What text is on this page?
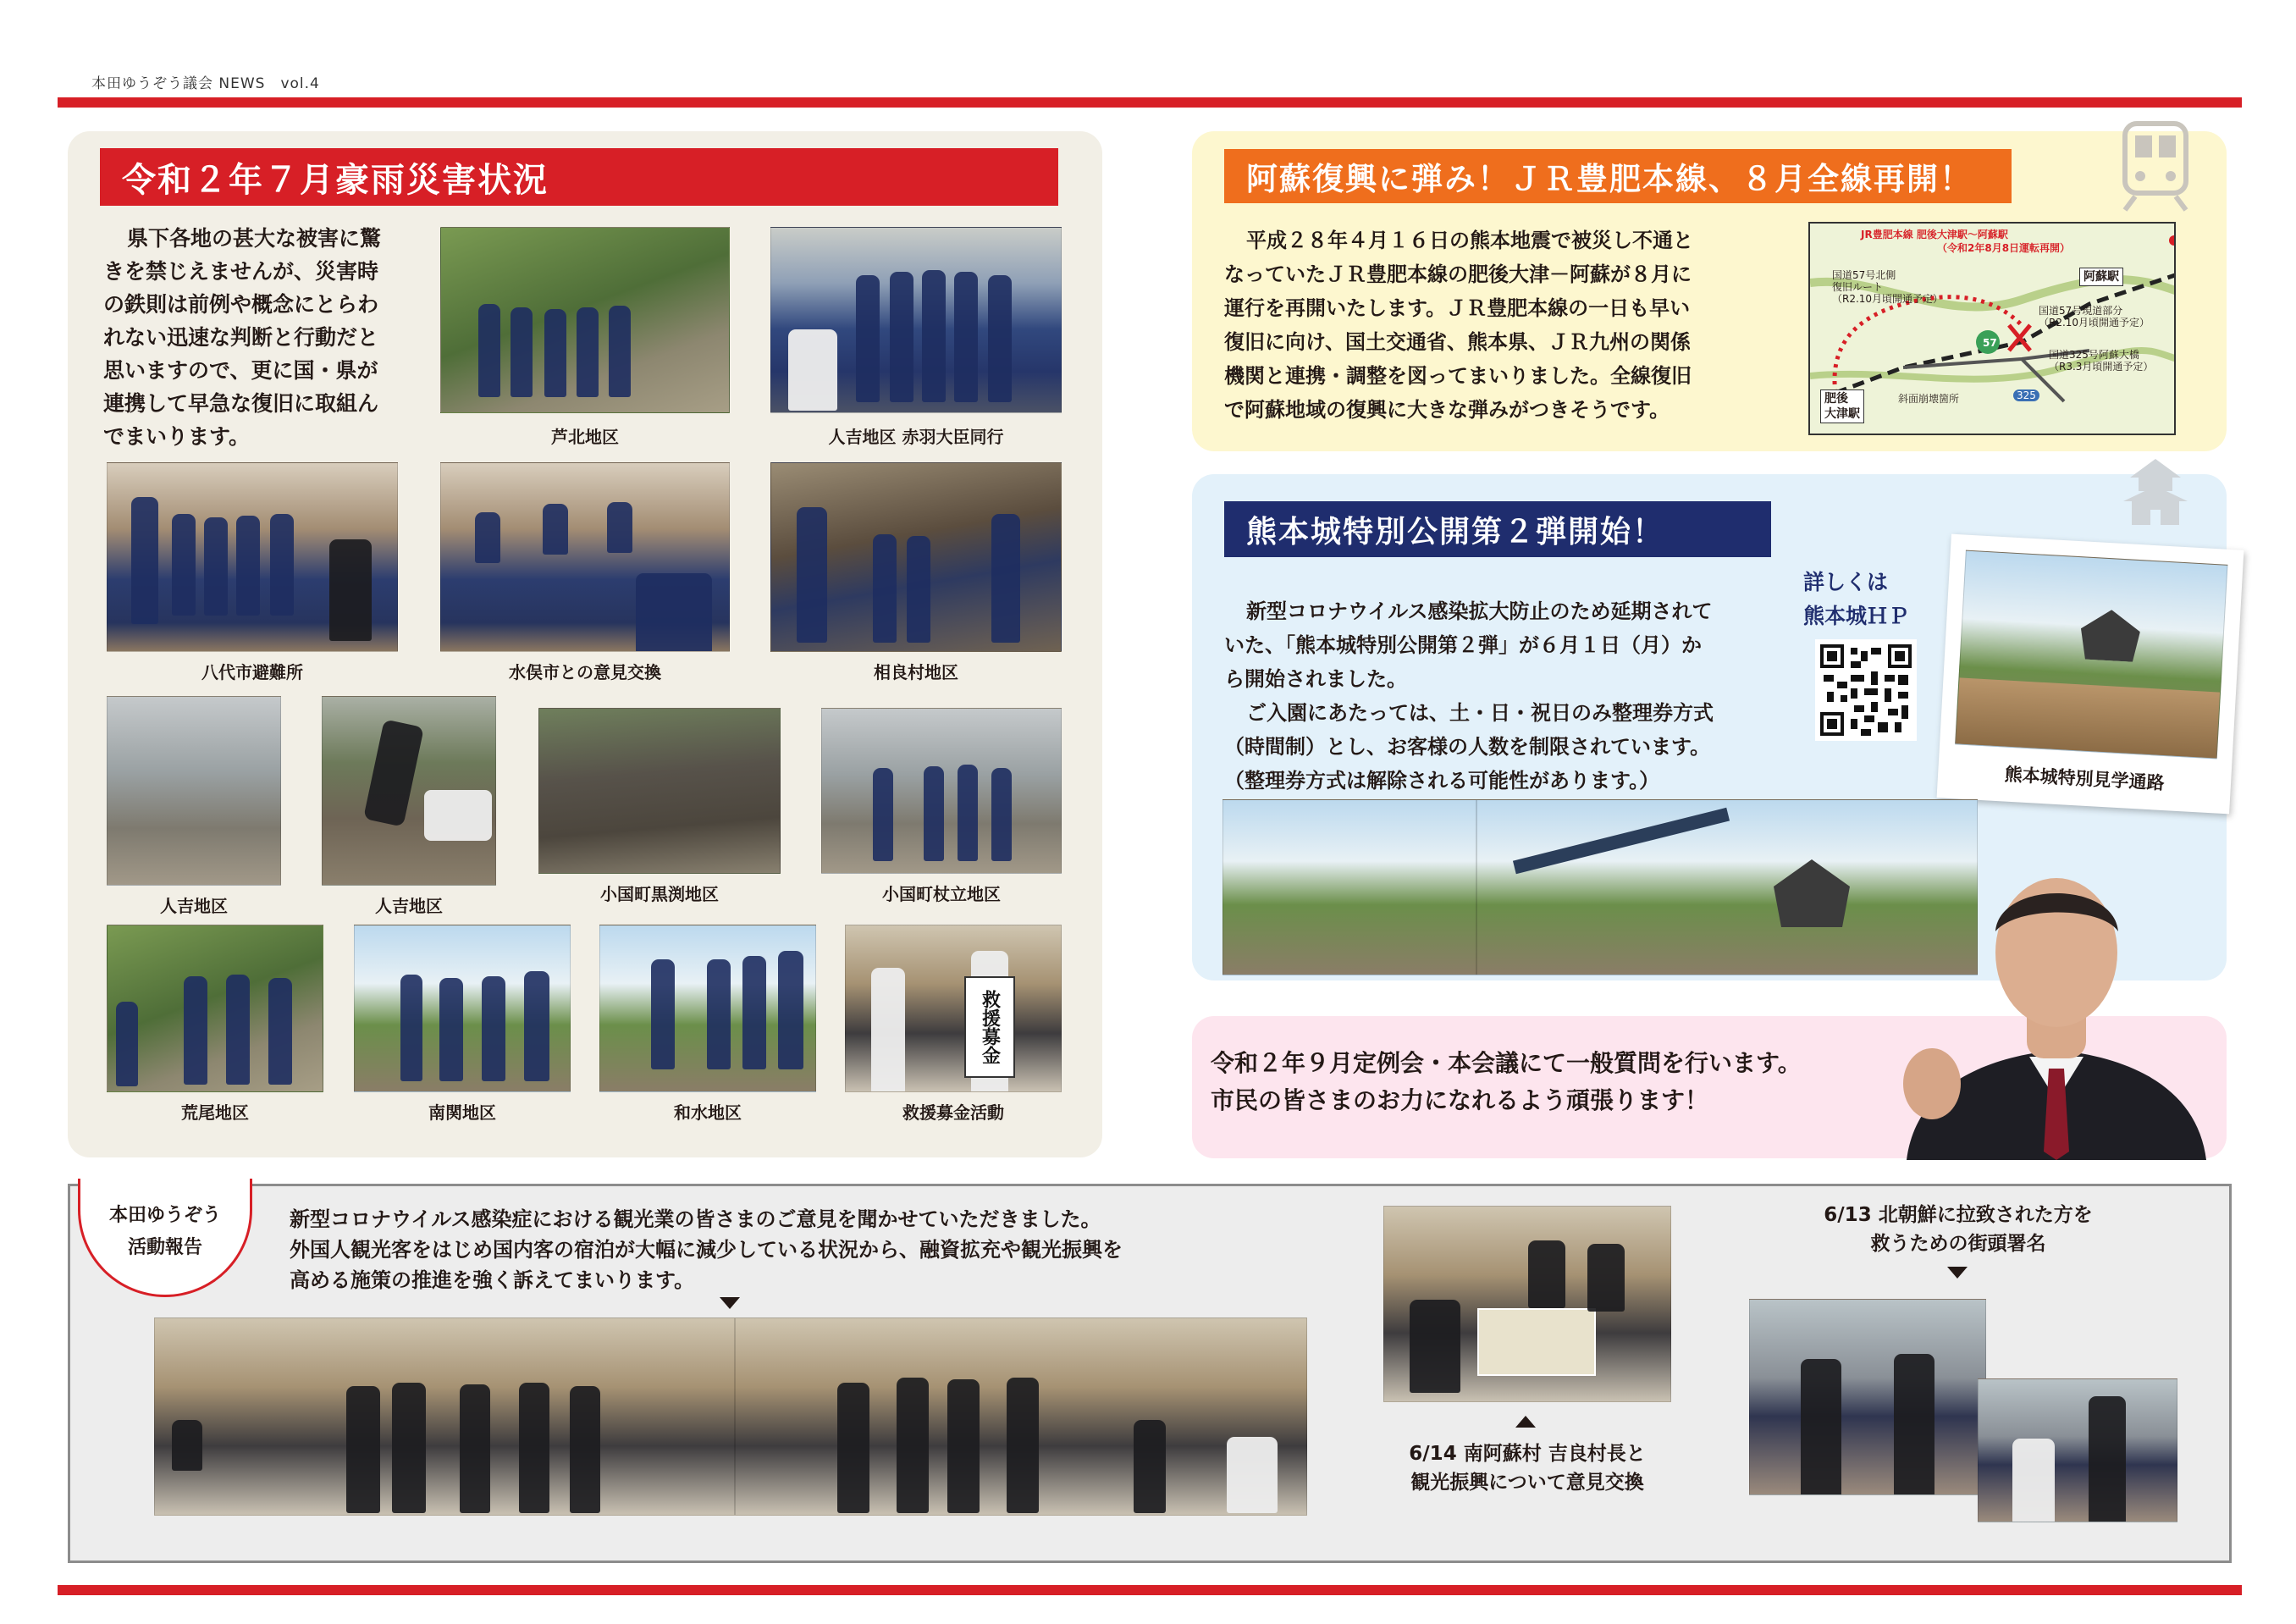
本田ゆうぞう議会 NEWS　vol.4
令和２年７月豪雨災害状況

県下各地の甚大な被害に驚

きを禁じえませんが、災害時

の鉄則は前例や概念にとらわ

れない迅速な判断と行動だと

思いますので、更に国・県が

連携して早急な復旧に取組ん

でまいります。	芦北地区	人吉地区 赤羽大臣同行
八代市避難所	水俣市との意見交換	相良村地区
人吉地区	人吉地区
小国町黒渕地区	小国町杖立地区
荒尾地区	南関地区	和水地区
救援募金
救援募金活動
阿蘇復興に弾み！ＪＲ豊肥本線、８月全線再開！

平成２８年４月１６日の熊本地震で被災し不通と

なっていたＪＲ豊肥本線の肥後大津－阿蘇が８月に

運行を再開いたします。ＪＲ豊肥本線の一日も早い

復旧に向け、国土交通省、熊本県、ＪＲ九州の関係

機関と連携・調整を図ってまいりました。全線復旧

で阿蘇地域の復興に大きな弾みがつきそうです。

JR豊肥本線 肥後大津駅～阿蘇駅
（令和2年8月8日運転再開）
阿蘇駅
国道57号北側
復旧ルート
（R2.10月頃開通予定）
国道57号現道部分
（R2.10月頃開通予定）
国道325号阿蘇大橋
（R3.3月頃開通予定）
57
325
肥後
大津駅
斜面崩壊箇所
熊本城特別公開第２弾開始！
詳しくは
熊本城ＨＰ
熊本城特別見学通路

新型コロナウイルス感染拡大防止のため延期されて

いた、「熊本城特別公開第２弾」が６月１日（月）か

ら開始されました。

ご入園にあたっては、土・日・祝日のみ整理券方式

（時間制）とし、お客様の人数を制限されています。

（整理券方式は解除される可能性があります。）

令和２年９月定例会・本会議にて一般質問を行います。

市民の皆さまのお力になれるよう頑張ります！

本田ゆうぞう
活動報告

新型コロナウイルス感染症における観光業の皆さまのご意見を聞かせていただきました。

外国人観光客をはじめ国内客の宿泊が大幅に減少している状況から、融資拡充や観光振興を

高める施策の推進を強く訴えてまいります。

6/14 南阿蘇村 吉良村長と
観光振興について意見交換
6/13 北朝鮮に拉致された方を
救うための街頭署名
